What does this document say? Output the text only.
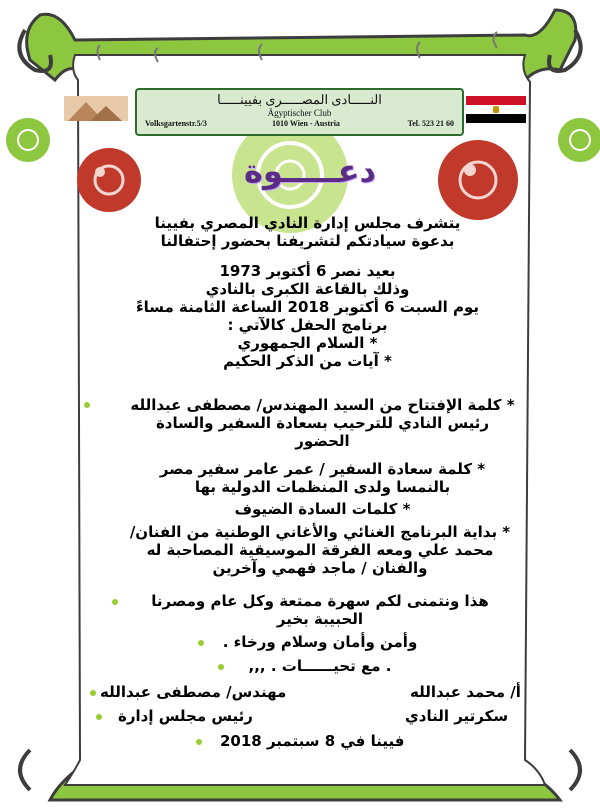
النـــــادى المصـــــرى بفيينـــــا
Ägyptischer Club
Volksgartenstr.5/3	1010 Wien - Austria	Tel. 523 21 60
دعـــــوة
يتشرف مجلس إدارة النادي المصري بفيينا
بدعوة سيادتكم لتشريفنا بحضور إحتفالنا
بعيد نصر 6 أكتوبر 1973
وذلك بالقاعة الكبرى بالنادي
يوم السبت 6 أكتوبر 2018 الساعة الثامنة مساءً
برنامج الحفل كالآتي :
* السلام الجمهوري
* آيات من الذكر الحكيم
* كلمة الإفتتاح من السيد المهندس/ مصطفى عبدالله
رئيس النادي للترحيب بسعادة السفير والسادة
الحضور
* كلمة سعادة السفير / عمر عامر سفير مصر
بالنمسا ولدى المنظمات الدولية بها
* كلمات السادة الضيوف
* بداية البرنامج الغنائي والأغاني الوطنية من الفنان/
محمد علي ومعه الفرقة الموسيقية المصاحبة له
والفنان / ماجد فهمي وآخرين
هذا ونتمنى لكم سهرة ممتعة وكل عام ومصرنا
الحبيبة بخير
وأمن وأمان وسلام ورخاء .
. مع تحيــــــات . ,,,
مهندس/ مصطفى عبدالله	أ/ محمد عبدالله
رئيس مجلس إدارة	سكرتير النادي
فيينا في 8 سبتمبر 2018
